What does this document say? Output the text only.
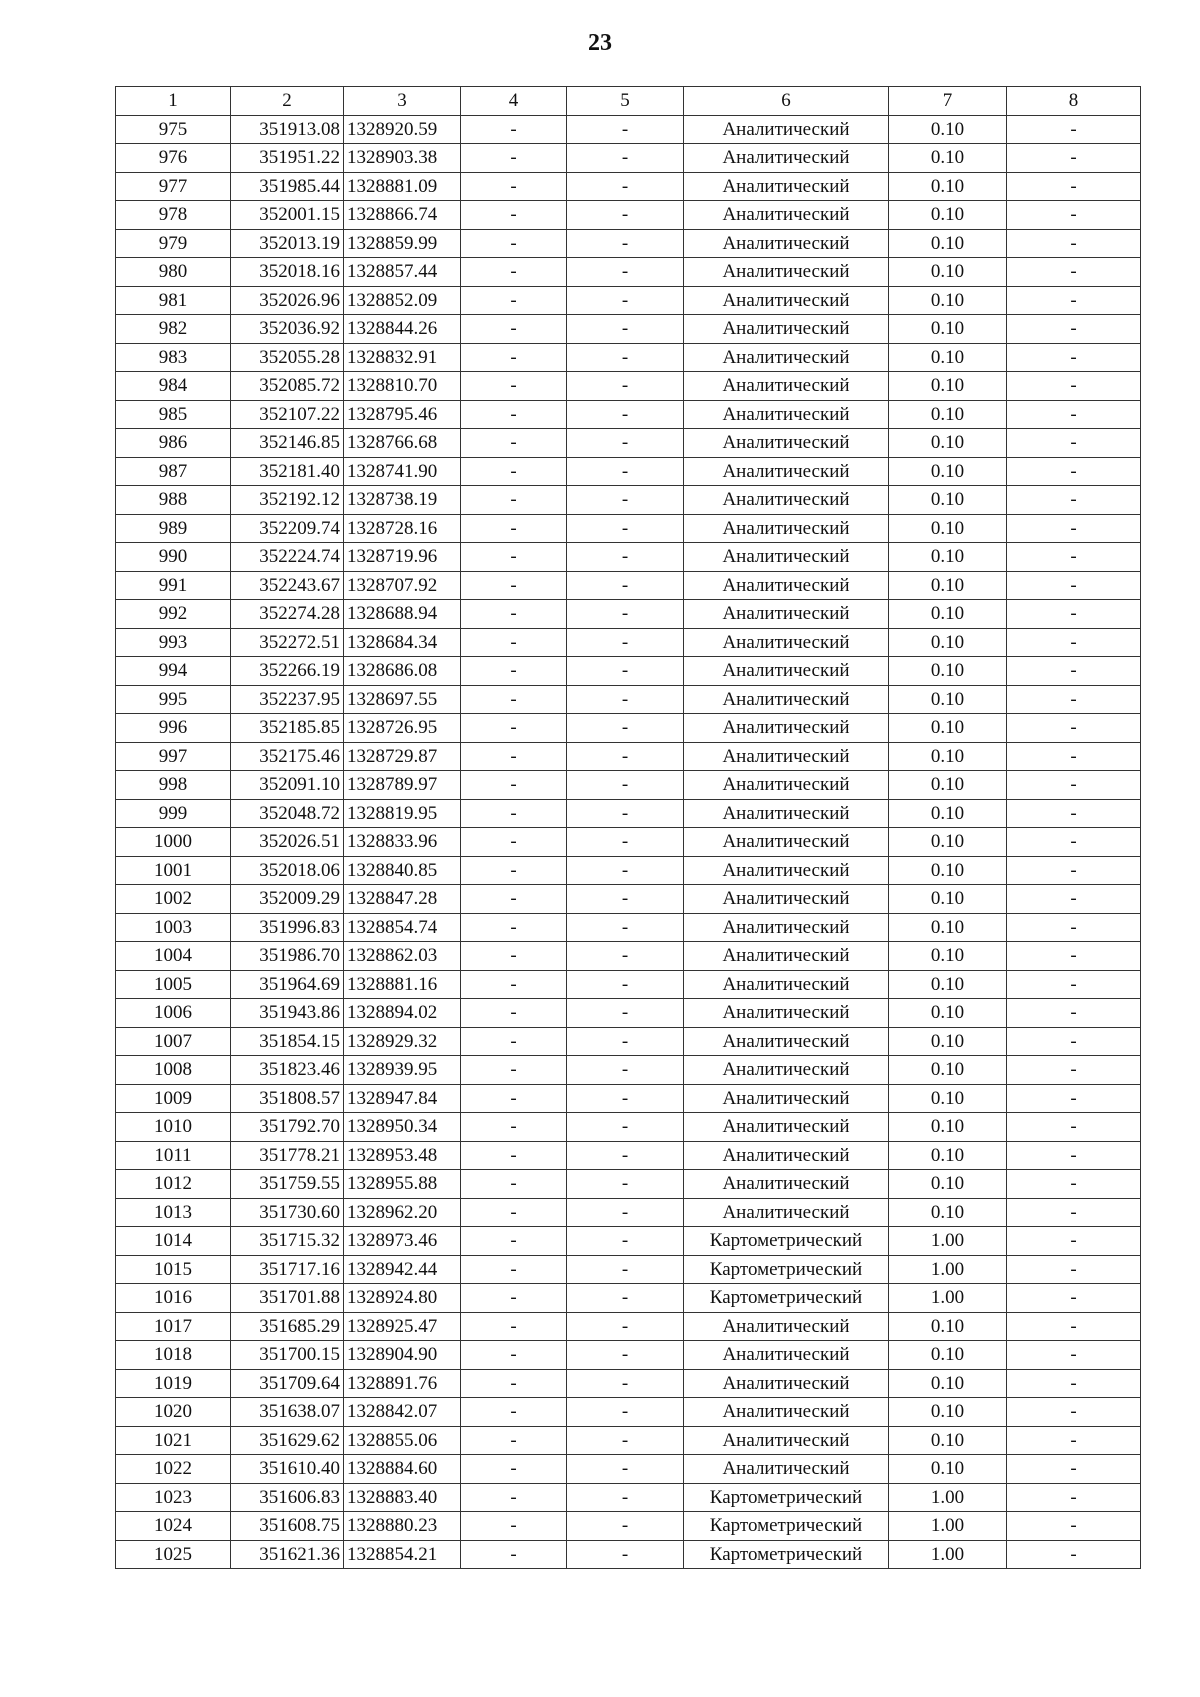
23
1	2	3	4	5	6	7	8
975	351913.08	1328920.59	-	-	Аналитический	0.10	-
976	351951.22	1328903.38	-	-	Аналитический	0.10	-
977	351985.44	1328881.09	-	-	Аналитический	0.10	-
978	352001.15	1328866.74	-	-	Аналитический	0.10	-
979	352013.19	1328859.99	-	-	Аналитический	0.10	-
980	352018.16	1328857.44	-	-	Аналитический	0.10	-
981	352026.96	1328852.09	-	-	Аналитический	0.10	-
982	352036.92	1328844.26	-	-	Аналитический	0.10	-
983	352055.28	1328832.91	-	-	Аналитический	0.10	-
984	352085.72	1328810.70	-	-	Аналитический	0.10	-
985	352107.22	1328795.46	-	-	Аналитический	0.10	-
986	352146.85	1328766.68	-	-	Аналитический	0.10	-
987	352181.40	1328741.90	-	-	Аналитический	0.10	-
988	352192.12	1328738.19	-	-	Аналитический	0.10	-
989	352209.74	1328728.16	-	-	Аналитический	0.10	-
990	352224.74	1328719.96	-	-	Аналитический	0.10	-
991	352243.67	1328707.92	-	-	Аналитический	0.10	-
992	352274.28	1328688.94	-	-	Аналитический	0.10	-
993	352272.51	1328684.34	-	-	Аналитический	0.10	-
994	352266.19	1328686.08	-	-	Аналитический	0.10	-
995	352237.95	1328697.55	-	-	Аналитический	0.10	-
996	352185.85	1328726.95	-	-	Аналитический	0.10	-
997	352175.46	1328729.87	-	-	Аналитический	0.10	-
998	352091.10	1328789.97	-	-	Аналитический	0.10	-
999	352048.72	1328819.95	-	-	Аналитический	0.10	-
1000	352026.51	1328833.96	-	-	Аналитический	0.10	-
1001	352018.06	1328840.85	-	-	Аналитический	0.10	-
1002	352009.29	1328847.28	-	-	Аналитический	0.10	-
1003	351996.83	1328854.74	-	-	Аналитический	0.10	-
1004	351986.70	1328862.03	-	-	Аналитический	0.10	-
1005	351964.69	1328881.16	-	-	Аналитический	0.10	-
1006	351943.86	1328894.02	-	-	Аналитический	0.10	-
1007	351854.15	1328929.32	-	-	Аналитический	0.10	-
1008	351823.46	1328939.95	-	-	Аналитический	0.10	-
1009	351808.57	1328947.84	-	-	Аналитический	0.10	-
1010	351792.70	1328950.34	-	-	Аналитический	0.10	-
1011	351778.21	1328953.48	-	-	Аналитический	0.10	-
1012	351759.55	1328955.88	-	-	Аналитический	0.10	-
1013	351730.60	1328962.20	-	-	Аналитический	0.10	-
1014	351715.32	1328973.46	-	-	Картометрический	1.00	-
1015	351717.16	1328942.44	-	-	Картометрический	1.00	-
1016	351701.88	1328924.80	-	-	Картометрический	1.00	-
1017	351685.29	1328925.47	-	-	Аналитический	0.10	-
1018	351700.15	1328904.90	-	-	Аналитический	0.10	-
1019	351709.64	1328891.76	-	-	Аналитический	0.10	-
1020	351638.07	1328842.07	-	-	Аналитический	0.10	-
1021	351629.62	1328855.06	-	-	Аналитический	0.10	-
1022	351610.40	1328884.60	-	-	Аналитический	0.10	-
1023	351606.83	1328883.40	-	-	Картометрический	1.00	-
1024	351608.75	1328880.23	-	-	Картометрический	1.00	-
1025	351621.36	1328854.21	-	-	Картометрический	1.00	-
